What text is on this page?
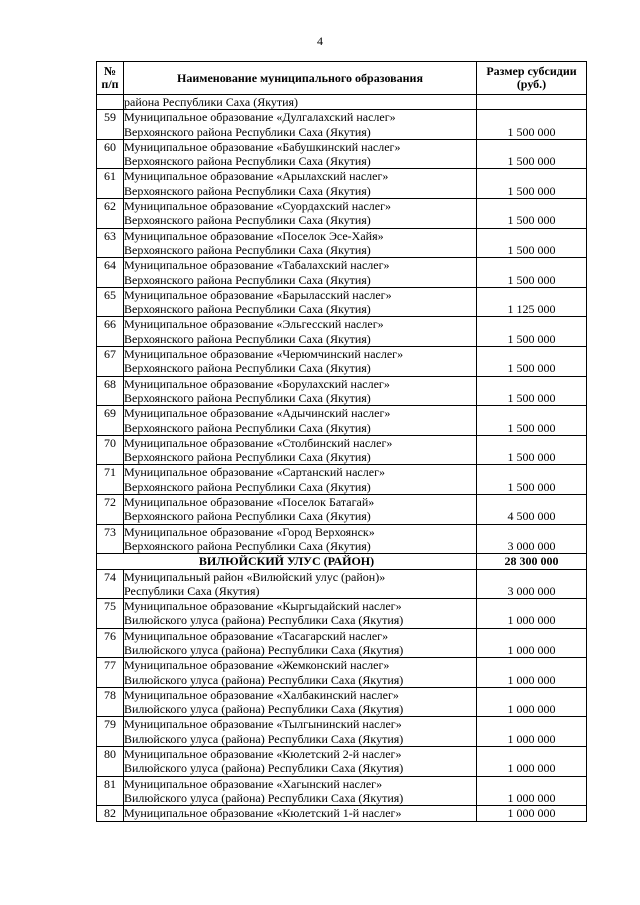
4
№
п/п	Наименование муниципального образования	Размер субсидии
(руб.)

	района Республики Саха (Якутия)	

59	Муниципальное образование «Дулгалахский наслег»
Верхоянского района Республики Саха (Якутия)	1 500 000
60	Муниципальное образование «Бабушкинский наслег»
Верхоянского района Республики Саха (Якутия)	1 500 000
61	Муниципальное образование «Арылахский наслег»
Верхоянского района Республики Саха (Якутия)	1 500 000
62	Муниципальное образование «Суордахский наслег»
Верхоянского района Республики Саха (Якутия)	1 500 000
63	Муниципальное образование «Поселок Эсе-Хайя»
Верхоянского района Республики Саха (Якутия)	1 500 000
64	Муниципальное образование «Табалахский наслег»
Верхоянского района Республики Саха (Якутия)	1 500 000
65	Муниципальное образование «Барыласский наслег»
Верхоянского района Республики Саха (Якутия)	1 125 000
66	Муниципальное образование «Эльгесский наслег»
Верхоянского района Республики Саха (Якутия)	1 500 000
67	Муниципальное образование «Черюмчинский наслег»
Верхоянского района Республики Саха (Якутия)	1 500 000
68	Муниципальное образование «Борулахский наслег»
Верхоянского района Республики Саха (Якутия)	1 500 000
69	Муниципальное образование «Адычинский наслег»
Верхоянского района Республики Саха (Якутия)	1 500 000
70	Муниципальное образование «Столбинский наслег»
Верхоянского района Республики Саха (Якутия)	1 500 000
71	Муниципальное образование «Сартанский наслег»
Верхоянского района Республики Саха (Якутия)	1 500 000
72	Муниципальное образование «Поселок Батагай»
Верхоянского района Республики Саха (Якутия)	4 500 000
73	Муниципальное образование «Город Верхоянск»
Верхоянского района Республики Саха (Якутия)	3 000 000
ВИЛЮЙСКИЙ УЛУС (РАЙОН)		28 300 000
74	Муниципальный район «Вилюйский улус (район)»
Республики Саха (Якутия)	3 000 000
75	Муниципальное образование «Кыргыдайский наслег»
Вилюйского улуса (района) Республики Саха (Якутия)	1 000 000
76	Муниципальное образование «Тасагарский наслег»
Вилюйского улуса (района) Республики Саха (Якутия)	1 000 000
77	Муниципальное образование «Жемконский наслег»
Вилюйского улуса (района) Республики Саха (Якутия)	1 000 000
78	Муниципальное образование «Халбакинский наслег»
Вилюйского улуса (района) Республики Саха (Якутия)	1 000 000
79	Муниципальное образование «Тылгынинский наслег»
Вилюйского улуса (района) Республики Саха (Якутия)	1 000 000
80	Муниципальное образование «Кюлетский 2-й наслег»
Вилюйского улуса (района) Республики Саха (Якутия)	1 000 000
81	Муниципальное образование «Хагынский наслег»
Вилюйского улуса (района) Республики Саха (Якутия)	1 000 000
82	Муниципальное образование «Кюлетский 1-й наслег»	1 000 000
